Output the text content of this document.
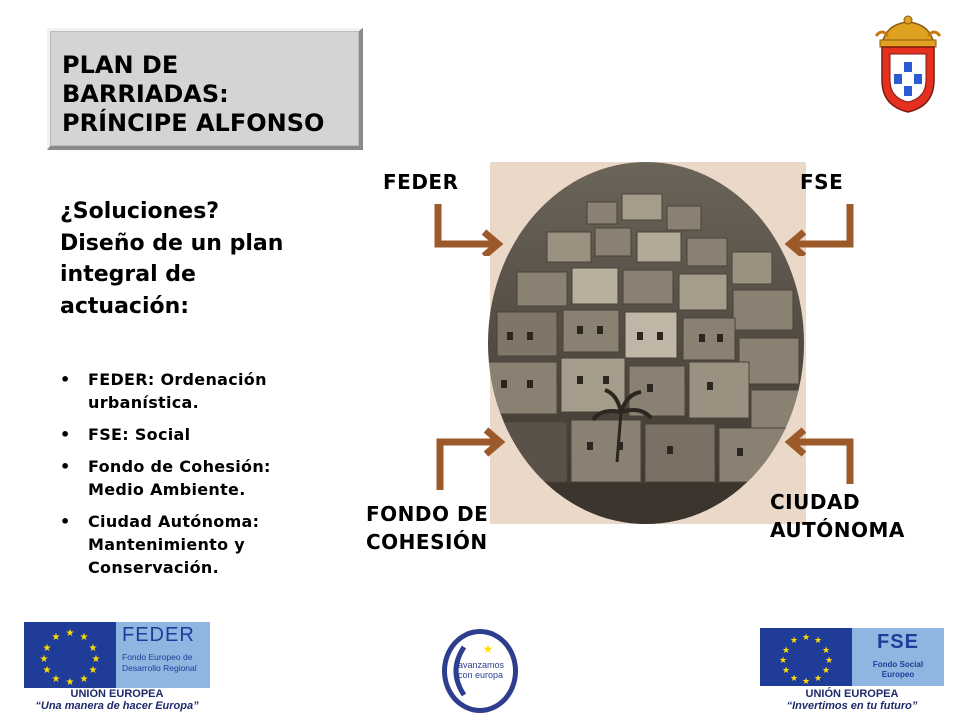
PLAN DE
BARRIADAS:
PRÍNCIPE ALFONSO
¿Soluciones?
Diseño de un plan
integral de
actuación:
• FEDER: Ordenación
urbanística.
• FSE: Social
• Fondo de Cohesión:
Medio Ambiente.
• Ciudad Autónoma:
Mantenimiento y
Conservación.
FEDER	FSE
FONDO DE
COHESIÓN
CIUDAD
AUTÓNOMA
★ ★
★
★
★
★
★
★
★
★
★
★	FEDER
Fondo Europeo de
Desarrollo Regional
UNIÓN EUROPEA
“Una manera de hacer Europa”
★
avanzamos
con europa
★ ★
★
★
★
★
★
★
★
★
★
★	FSE
Fondo Social
Europeo
UNIÓN EUROPEA
“Invertimos en tu futuro”
